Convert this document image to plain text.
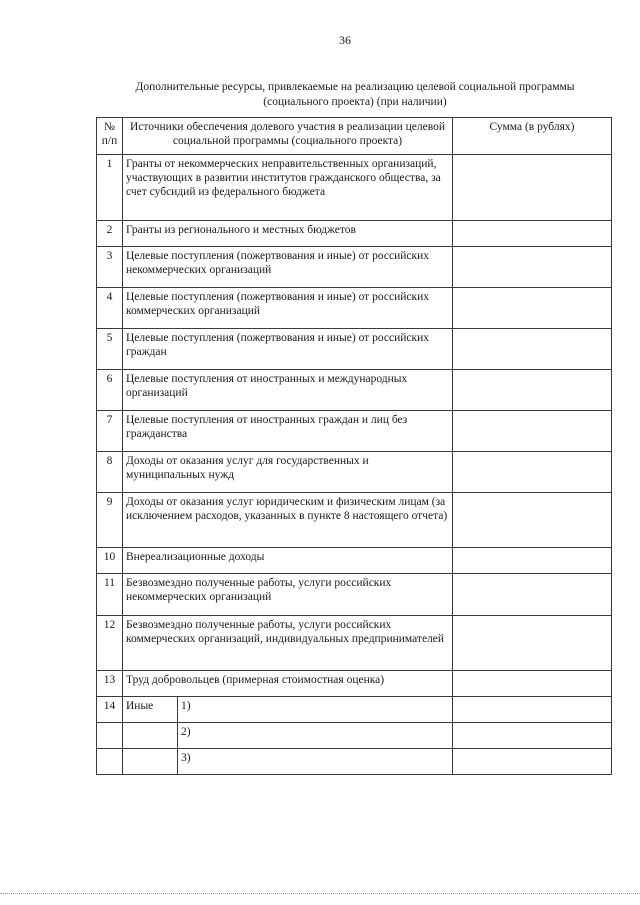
36
Дополнительные ресурсы, привлекаемые на реализацию целевой социальной программы
(социального проекта) (при наличии)
№ п/п	Источники обеспечения долевого участия в реализации целевой социальной программы (социального проекта)		Сумма (в рублях)
1	Гранты от некоммерческих неправительственных организаций, участвующих в развитии институтов гражданского общества, за счет субсидий из федерального бюджета		
2	Гранты из регионального и местных бюджетов		
3	Целевые поступления (пожертвования и иные) от российских некоммерческих организаций		
4	Целевые поступления (пожертвования и иные) от российских коммерческих организаций		
5	Целевые поступления (пожертвования и иные) от российских граждан		
6	Целевые поступления от иностранных и международных организаций		
7	Целевые поступления от иностранных граждан и лиц без гражданства		
8	Доходы от оказания услуг для государственных и муниципальных нужд		
9	Доходы от оказания услуг юридическим и физическим лицам (за исключением расходов, указанных в пункте 8 настоящего отчета)		
10	Внереализационные доходы		
11	Безвозмездно полученные работы, услуги российских некоммерческих организаций		
12	Безвозмездно полученные работы, услуги российских коммерческих организаций, индивидуальных предпринимателей		
13	Труд добровольцев (примерная стоимостная оценка)		
14	Иные	1)	
		2)	
		3)	
